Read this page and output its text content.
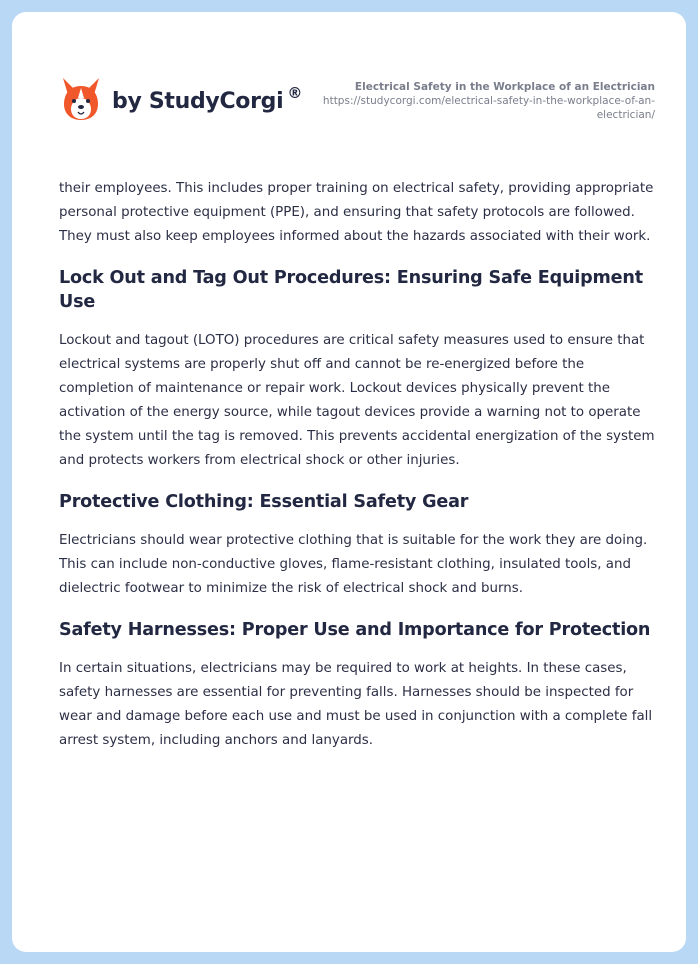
by StudyCorgi ®	Electrical Safety in the Workplace of an Electrician
https://studycorgi.com/electrical-safety-in-the-workplace-of-an-electrician/

their employees. This includes proper training on electrical safety, providing appropriate personal protective equipment (PPE), and ensuring that safety protocols are followed. They must also keep employees informed about the hazards associated with their work.

Lock Out and Tag Out Procedures: Ensuring Safe Equipment Use

Lockout and tagout (LOTO) procedures are critical safety measures used to ensure that electrical systems are properly shut off and cannot be re-energized before the completion of maintenance or repair work. Lockout devices physically prevent the activation of the energy source, while tagout devices provide a warning not to operate the system until the tag is removed. This prevents accidental energization of the system and protects workers from electrical shock or other injuries.

Protective Clothing: Essential Safety Gear

Electricians should wear protective clothing that is suitable for the work they are doing. This can include non-conductive gloves, flame-resistant clothing, insulated tools, and dielectric footwear to minimize the risk of electrical shock and burns.

Safety Harnesses: Proper Use and Importance for Protection

In certain situations, electricians may be required to work at heights. In these cases, safety harnesses are essential for preventing falls. Harnesses should be inspected for wear and damage before each use and must be used in conjunction with a complete fall arrest system, including anchors and lanyards.
